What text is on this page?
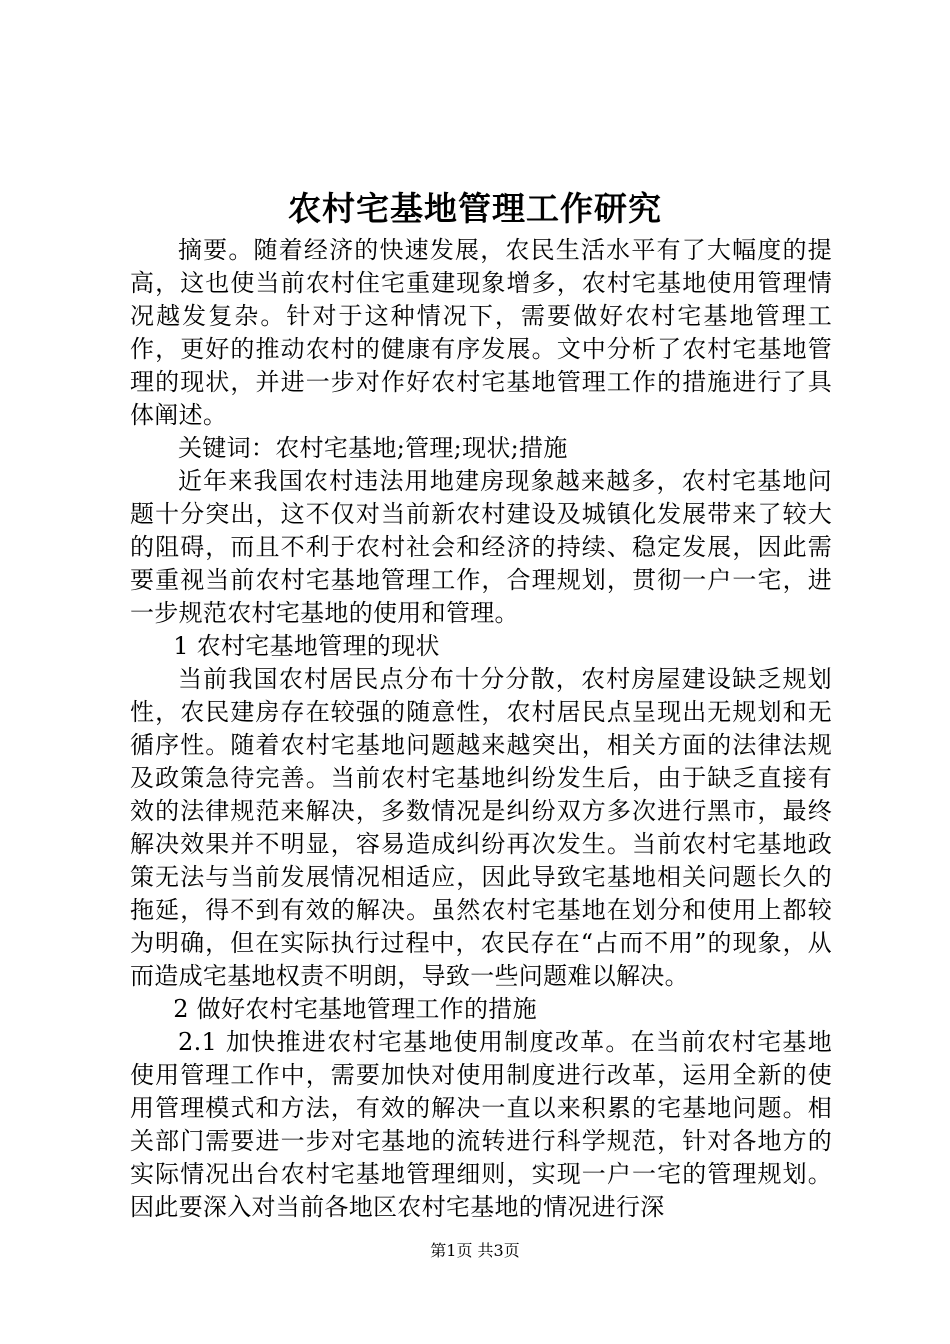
农村宅基地管理工作研究

摘要。随着经济的快速发展，农民生活水平有了大幅度的提高，这也使当前农村住宅重建现象增多，农村宅基地使用管理情况越发复杂。针对于这种情况下，需要做好农村宅基地管理工作，更好的推动农村的健康有序发展。文中分析了农村宅基地管理的现状，并进一步对作好农村宅基地管理工作的措施进行了具体阐述。

关键词：农村宅基地;管理;现状;措施

近年来我国农村违法用地建房现象越来越多，农村宅基地问题十分突出，这不仅对当前新农村建设及城镇化发展带来了较大的阻碍，而且不利于农村社会和经济的持续、稳定发展，因此需要重视当前农村宅基地管理工作，合理规划，贯彻一户一宅，进一步规范农村宅基地的使用和管理。

1 农村宅基地管理的现状

当前我国农村居民点分布十分分散，农村房屋建设缺乏规划性，农民建房存在较强的随意性，农村居民点呈现出无规划和无循序性。随着农村宅基地问题越来越突出，相关方面的法律法规及政策急待完善。当前农村宅基地纠纷发生后，由于缺乏直接有效的法律规范来解决，多数情况是纠纷双方多次进行黑市，最终解决效果并不明显，容易造成纠纷再次发生。当前农村宅基地政策无法与当前发展情况相适应，因此导致宅基地相关问题长久的拖延，得不到有效的解决。虽然农村宅基地在划分和使用上都较为明确，但在实际执行过程中，农民存在“占而不用”的现象，从而造成宅基地权责不明朗，导致一些问题难以解决。

2 做好农村宅基地管理工作的措施

2.1 加快推进农村宅基地使用制度改革。在当前农村宅基地使用管理工作中，需要加快对使用制度进行改革，运用全新的使用管理模式和方法，有效的解决一直以来积累的宅基地问题。相关部门需要进一步对宅基地的流转进行科学规范，针对各地方的实际情况出台农村宅基地管理细则，实现一户一宅的管理规划。因此要深入对当前各地区农村宅基地的情况进行深

第1页 共3页
